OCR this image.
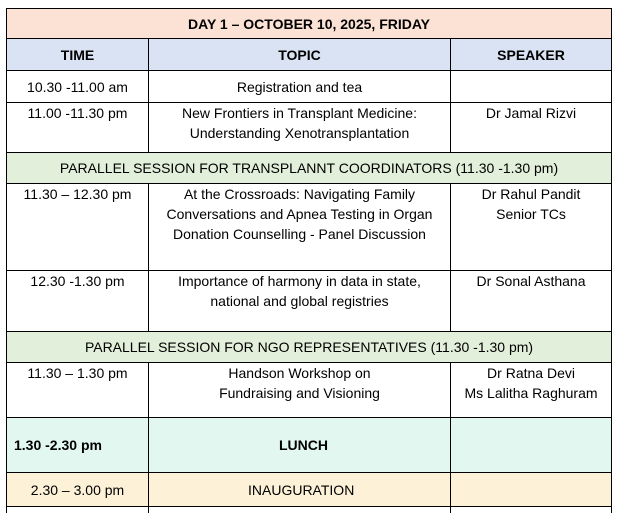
DAY 1 – OCTOBER 10, 2025, FRIDAY		
TIME	TOPIC	SPEAKER
10.30 -11.00 am	Registration and tea	

11.00 -11.30 pm	New Frontiers in Transplant Medicine:
Understanding Xenotransplantation	Dr Jamal Rizvi

PARALLEL SESSION FOR TRANSPLANNT COORDINATORS (11.30 -1.30 pm)		
11.30 – 12.30 pm	At the Crossroads: Navigating Family
Conversations and Apnea Testing in Organ
Donation Counselling - Panel Discussion	Dr Rahul Pandit
Senior TCs

12.30 -1.30 pm	Importance of harmony in data in state,
national and global registries	Dr Sonal Asthana

PARALLEL SESSION FOR NGO REPRESENTATIVES (11.30 -1.30 pm)		
11.30 – 1.30 pm	Handson Workshop on
Fundraising and Visioning	Dr Ratna Devi
Ms Lalitha Raghuram

1.30 -2.30 pm	LUNCH	
2.30 – 3.00 pm	INAUGURATION	
